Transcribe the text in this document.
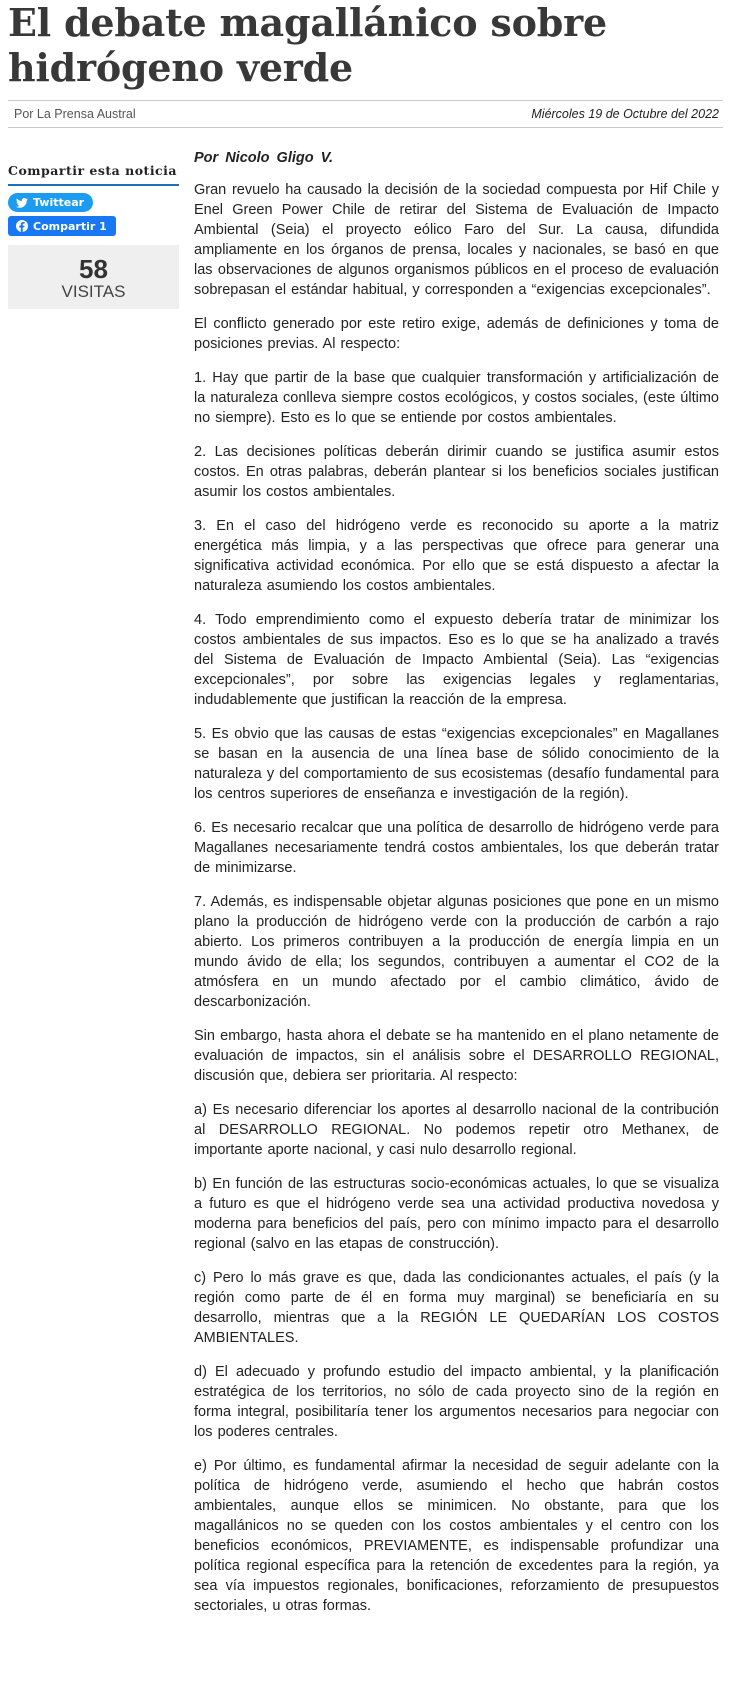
El debate magallánico sobre hidrógeno verde
Por La Prensa Austral	Miércoles 19 de Octubre del 2022
Compartir esta noticia
Twittear
Compartir 1
58
VISITAS

Por Nicolo Gligo V.

Gran revuelo ha causado la decisión de la sociedad compuesta por Hif Chile y Enel Green Power Chile de retirar del Sistema de Evaluación de Impacto Ambiental (Seia) el proyecto eólico Faro del Sur. La causa, difundida ampliamente en los órganos de prensa, locales y nacionales, se basó en que las observaciones de algunos organismos públicos en el proceso de evaluación sobrepasan el estándar habitual, y corresponden a “exigencias excepcionales”.

El conflicto generado por este retiro exige, además de definiciones y toma de posiciones previas. Al respecto:

1. Hay que partir de la base que cualquier transformación y artificialización de la naturaleza conlleva siempre costos ecológicos, y costos sociales, (este último no siempre). Esto es lo que se entiende por costos ambientales.

2. Las decisiones políticas deberán dirimir cuando se justifica asumir estos costos. En otras palabras, deberán plantear si los beneficios sociales justifican asumir los costos ambientales.

3. En el caso del hidrógeno verde es reconocido su aporte a la matriz energética más limpia, y a las perspectivas que ofrece para generar una significativa actividad económica. Por ello que se está dispuesto a afectar la naturaleza asumiendo los costos ambientales.

4. Todo emprendimiento como el expuesto debería tratar de minimizar los costos ambientales de sus impactos. Eso es lo que se ha analizado a través del Sistema de Evaluación de Impacto Ambiental (Seia). Las “exigencias excepcionales”, por sobre las exigencias legales y reglamentarias, indudablemente que justifican la reacción de la empresa.

5. Es obvio que las causas de estas “exigencias excepcionales” en Magallanes se basan en la ausencia de una línea base de sólido conocimiento de la naturaleza y del comportamiento de sus ecosistemas (desafío fundamental para los centros superiores de enseñanza e investigación de la región).

6. Es necesario recalcar que una política de desarrollo de hidrógeno verde para Magallanes necesariamente tendrá costos ambientales, los que deberán tratar de minimizarse.

7. Además, es indispensable objetar algunas posiciones que pone en un mismo plano la producción de hidrógeno verde con la producción de carbón a rajo abierto. Los primeros contribuyen a la producción de energía limpia en un mundo ávido de ella; los segundos, contribuyen a aumentar el CO2 de la atmósfera en un mundo afectado por el cambio climático, ávido de descarbonización.

Sin embargo, hasta ahora el debate se ha mantenido en el plano netamente de evaluación de impactos, sin el análisis sobre el DESARROLLO REGIONAL, discusión que, debiera ser prioritaria. Al respecto:

a) Es necesario diferenciar los aportes al desarrollo nacional de la contribución al DESARROLLO REGIONAL. No podemos repetir otro Methanex, de importante aporte nacional, y casi nulo desarrollo regional.

b) En función de las estructuras socio-económicas actuales, lo que se visualiza a futuro es que el hidrógeno verde sea una actividad productiva novedosa y moderna para beneficios del país, pero con mínimo impacto para el desarrollo regional (salvo en las etapas de construcción).

c) Pero lo más grave es que, dada las condicionantes actuales, el país (y la región como parte de él en forma muy marginal) se beneficiaría en su desarrollo, mientras que a la REGIÓN LE QUEDARÍAN LOS COSTOS AMBIENTALES.

d) El adecuado y profundo estudio del impacto ambiental, y la planificación estratégica de los territorios, no sólo de cada proyecto sino de la región en forma integral, posibilitaría tener los argumentos necesarios para negociar con los poderes centrales.

e) Por último, es fundamental afirmar la necesidad de seguir adelante con la política de hidrógeno verde, asumiendo el hecho que habrán costos ambientales, aunque ellos se minimicen. No obstante, para que los magallánicos no se queden con los costos ambientales y el centro con los beneficios económicos, PREVIAMENTE, es indispensable profundizar una política regional específica para la retención de excedentes para la región, ya sea vía impuestos regionales, bonificaciones, reforzamiento de presupuestos sectoriales, u otras formas.
